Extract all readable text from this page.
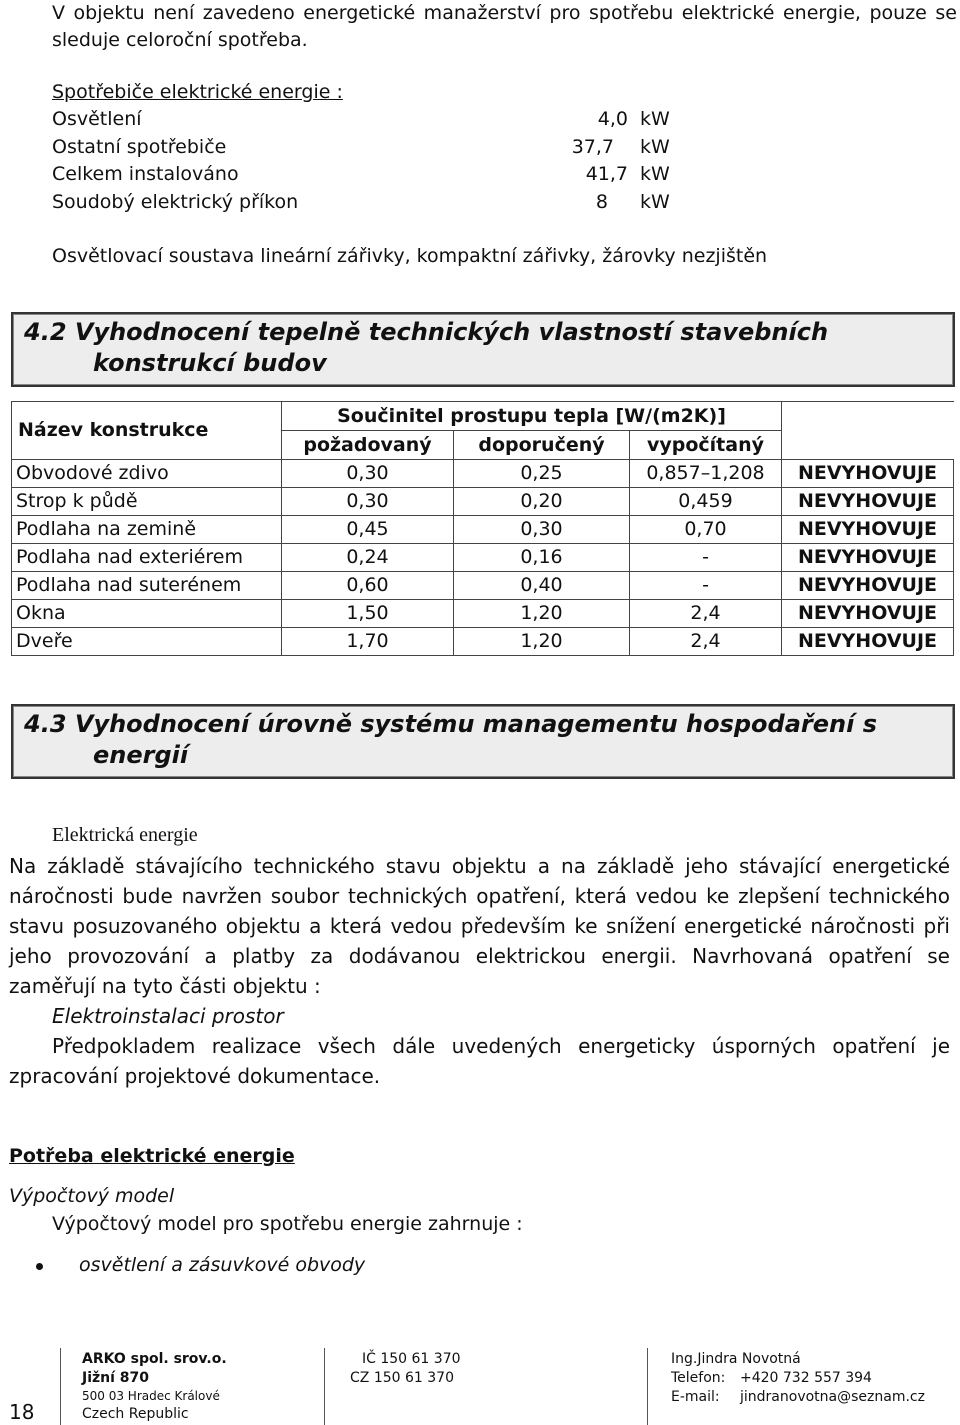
V objektu není zavedeno energetické manažerství pro spotřebu elektrické energie, pouze se sleduje celoroční spotřeba.
Spotřebiče elektrické energie :
Osvětlení	4,0 kW
Ostatní spotřebiče	37,7 kW
Celkem instalováno	41,7 kW
Soudobý elektrický příkon	8 kW
Osvětlovací soustava lineární zářivky, kompaktní zářivky, žárovky nezjištěn
4.2 Vyhodnocení tepelně technických vlastností stavebních
konstrukcí budov
Název konstrukce	Součinitel prostupu tepla [W/(m2K)]			
	požadovaný	doporučený	vypočítaný	
Obvodové zdivo	0,30	0,25	0,857–1,208	NEVYHOVUJE
Strop k půdě	0,30	0,20	0,459	NEVYHOVUJE
Podlaha na zemině	0,45	0,30	0,70	NEVYHOVUJE
Podlaha nad exteriérem	0,24	0,16	-	NEVYHOVUJE
Podlaha nad suterénem	0,60	0,40	-	NEVYHOVUJE
Okna	1,50	1,20	2,4	NEVYHOVUJE
Dveře	1,70	1,20	2,4	NEVYHOVUJE
4.3 Vyhodnocení úrovně systému managementu hospodaření s
energií
Elektrická energie
Na základě stávajícího technického stavu objektu a na základě jeho stávající energetické náročnosti bude navržen soubor technických opatření, která vedou ke zlepšení technického stavu posuzovaného objektu a která vedou především ke snížení energetické náročnosti při jeho provozování a platby za dodávanou elektrickou energii. Navrhovaná opatření se zaměřují na tyto části objektu :
Elektroinstalaci prostor
Předpokladem realizace všech dále uvedených energeticky úsporných opatření je zpracování projektové dokumentace.
Potřeba elektrické energie
Výpočtový model
Výpočtový model pro spotřebu energie zahrnuje :
osvětlení a zásuvkové obvody
18
ARKO spol. srov.o.
Jižní 870
500 03 Hradec Králové
Czech Republic
IČ 150 61 370
CZ 150 61 370
Ing.Jindra Novotná
Telefon: +420 732 557 394
E-mail: jindranovotna@seznam.cz
